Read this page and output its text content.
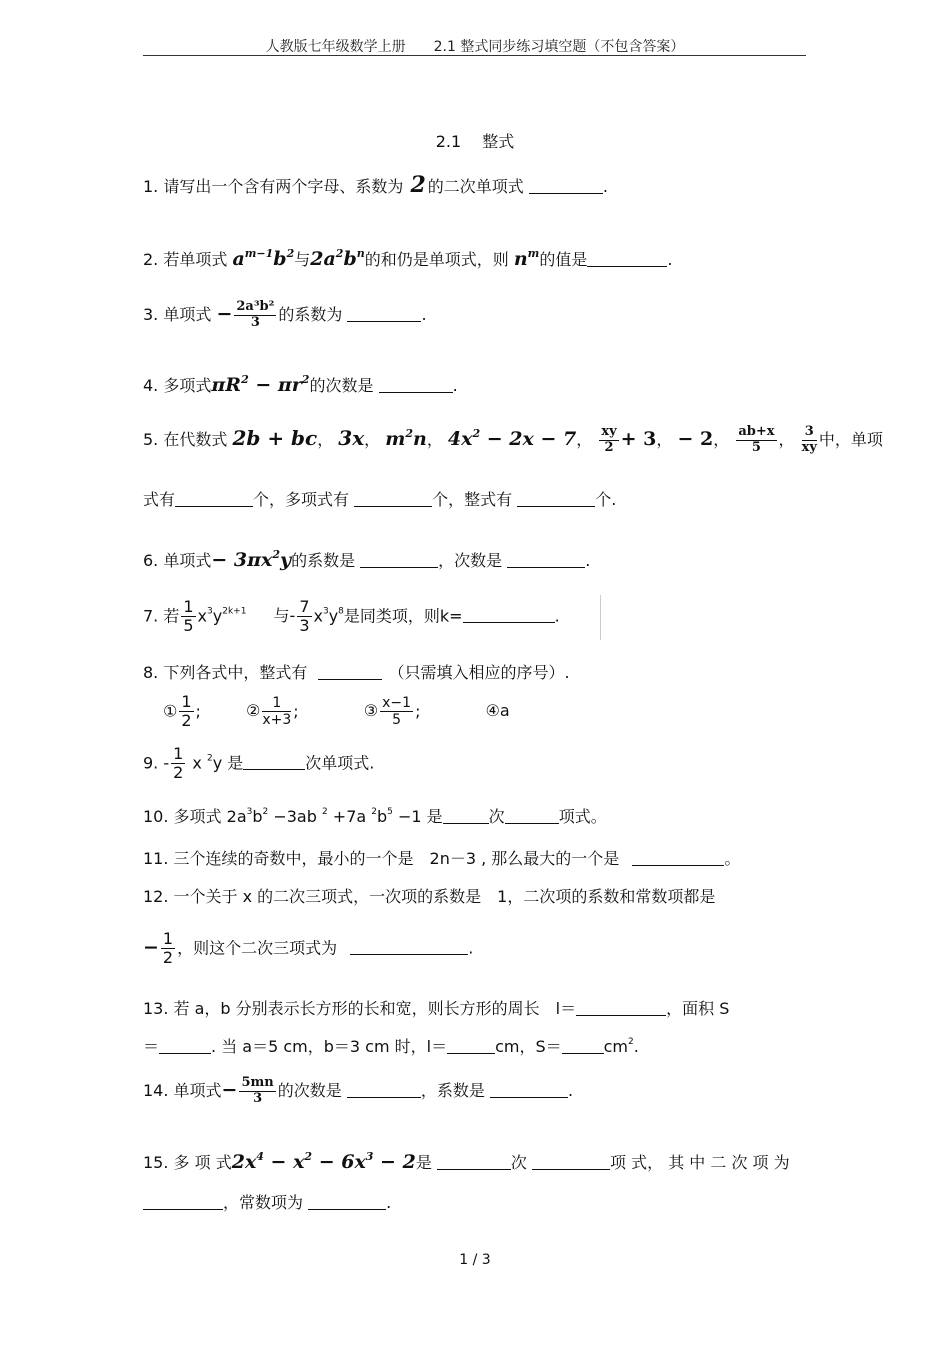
人教版七年级数学上册　　2.1 整式同步练习填空题（不包含答案）
2.1　 整式
1. 请写出一个含有两个字母、系数为 2 的二次单项式	.
2. 若单项式 $a^{m-1}b^2$与$2a^2b^n$的和仍是单项式，则 $n^m$的值是	.
3. 单项式 − $\frac{\text{2a³b²}}{3}$ 的系数为	.
4. 多项式$\pi R^2 - \pi r^2$的次数是	.
5. 在代数式 2b + bc， 3x， $m^2n$， $4x^2 - 2x - 7$， $\frac{xy}{2} + 3$， − 2， $\frac{ab+x}{5}$ ， $\frac{3}{xy}$ 中，单项
式有	个，多项式有	个，整式有	个.
6. 单项式− $3\pi x^2y$的系数是	，次数是	.
7. 若 $\frac{1}{5} x^3y^{2k+1}$ 与- $\frac{7}{3} x^3y^8$是同类项，则k=	.
8. 下列各式中，整式有	（只需填入相应的序号）.
① $\frac{1}{2}$ ;	② $\frac{1}{x+3}$ ;	③ $\frac{x-1}{5}$ ;	④a
9. - $\frac{1}{2}$ x $^2$y 是	次单项式.
10. 多项式 $2a^3b^2 -3ab$ $^2$ +7a $^2b^5 -1$ 是	次	项式。
11. 三个连续的奇数中，最小的一个是　2n－3 , 那么最大的一个是	。
12. 一个关于 x 的二次三项式，一次项的系数是　1，二次项的系数和常数项都是
− $\frac{1}{2}$ ，则这个二次三项式为	.
13. 若 a，b 分别表示长方形的长和宽，则长方形的周长　l＝	，面积 S
＝	. 当 a＝5 cm，b＝3 cm 时，l＝	cm，S＝	$cm^2$.
14. 单项式− $\frac{5mn}{3}$ 的次数是	，系数是	.
15. 多 项 式$2x^4 - x^2 - 6x^3 - 2$是	次	项 式， 其 中 二 次 项 为
，常数项为	.
1 / 3
